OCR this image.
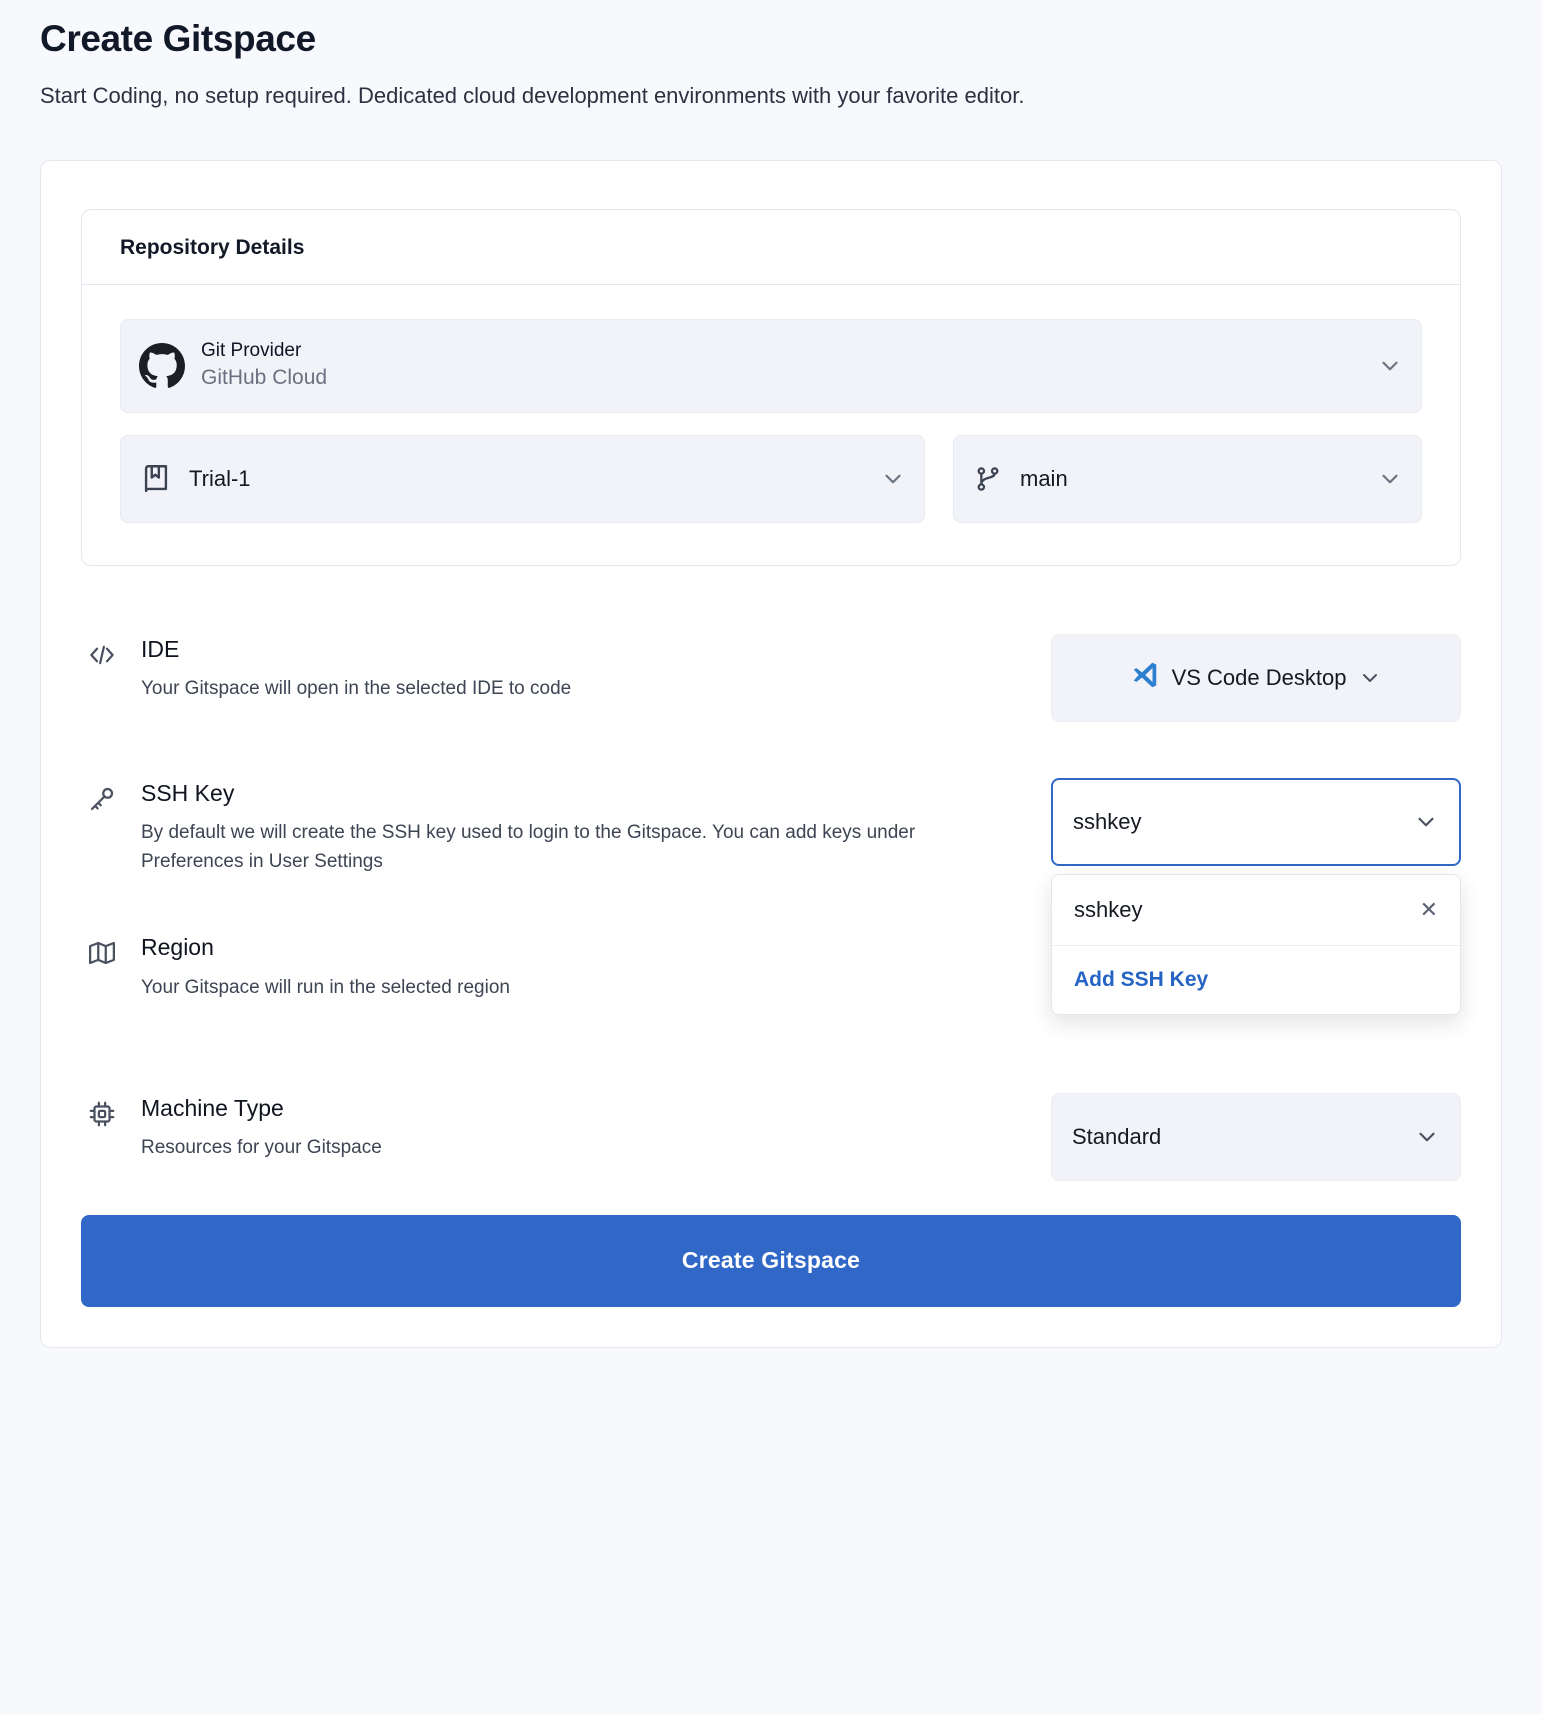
Create Gitspace

Start Coding, no setup required. Dedicated cloud development environments with your favorite editor.

Repository Details
Git Provider
GitHub Cloud
Trial-1	main
IDE
Your Gitspace will open in the selected IDE to code	VS Code Desktop
SSH Key
By default we will create the SSH key used to login to the Gitspace. You can add keys under Preferences in User Settings
sshkey
sshkey	✕
Add SSH Key
Region
Your Gitspace will run in the selected region
Machine Type
Resources for your Gitspace	Standard
Create Gitspace
